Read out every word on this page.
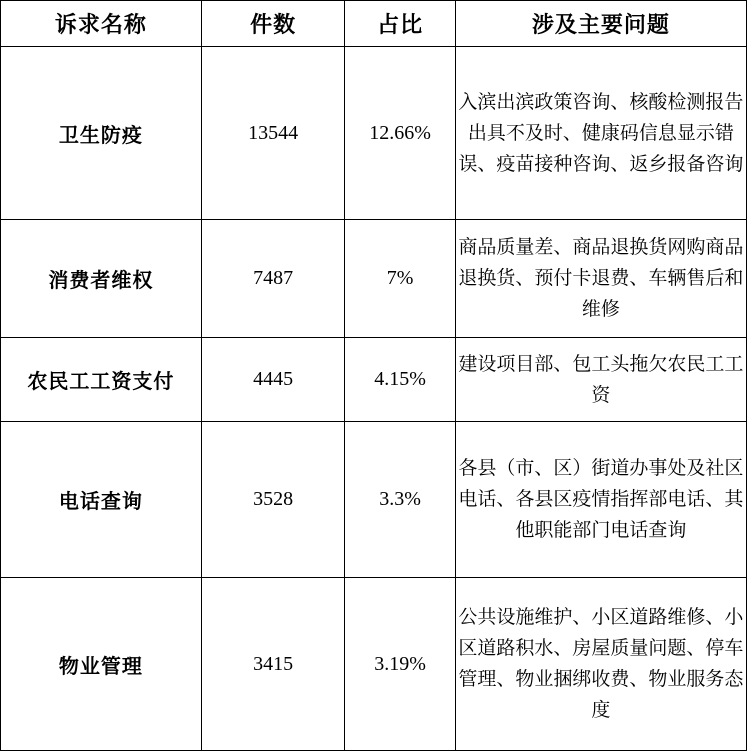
诉求名称	件数	占比	涉及主要问题
卫生防疫	13544	12.66%	入滨出滨政策咨询、核酸检测报告出具不及时、健康码信息显示错误、疫苗接种咨询、返乡报备咨询

消费者维权	7487	7%	商品质量差、商品退换货网购商品退换货、预付卡退费、车辆售后和维修

农民工工资支付	4445	4.15%	建设项目部、包工头拖欠农民工工资

电话查询	3528	3.3%	各县（市、区）街道办事处及社区电话、各县区疫情指挥部电话、其他职能部门电话查询

物业管理	3415	3.19%	公共设施维护、小区道路维修、小区道路积水、房屋质量问题、停车管理、物业捆绑收费、物业服务态度
